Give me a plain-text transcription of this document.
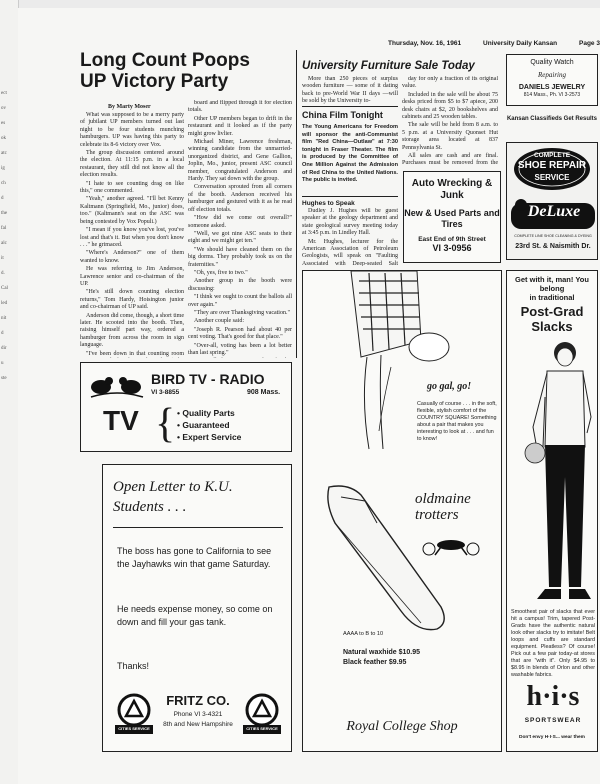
ect
ov
es
ok
atc
ig
ch
d
the
fal
alc
it
d.
Cal
led
nit
d
dir
u
ste
Thursday, Nov. 16, 1961	University Daily Kansan	Page 3
Long Count Poops
UP Victory Party
By Marty Moser

What was supposed to be a merry party of jubilant UP members turned out last night to be four students munching hamburgers. UP was having this party to celebrate its 8-6 victory over Vox.

The group discussion centered around the election. At 11:15 p.m. in a local restaurant, they still did not know all the election results.

"I hate to see counting drag on like this," one commented.

"Yeah," another agreed. "I'll bet Kenny Kaltmann (Springfield, Mo., junior) does, too." (Kaltmann's seat on the ASC was being contested by Vox Populi.)

"I mean if you know you've lost, you've lost and that's it. But when you don't know . . ." he grimaced.

"Where's Anderson?" one of them wanted to know.

He was referring to Jim Anderson, Lawrence senior and co-chairman of the UP.

"He's still down counting election returns," Tom Hardy, Hoisington junior and co-chairman of UP said.

Anderson did come, though, a short time later. He scooted into the booth. Then, raising himself part way, ordered a hamburger from across the room in sign language.

"I've been down in that counting room

board and flipped through it for election totals.

Other UP members began to drift in the restaurant and it looked as if the party might grow livlier.

Michael Miner, Lawrence freshman, winning candidate from the unmarried-unorganized district, and Gene Gallion, Joplin, Mo., junior, present ASC council member, congratulated Anderson and Hardy. They sat down with the group.

Conversation sprouted from all corners of the booth. Anderson received his hamburger and gestured with it as he read off election totals.

"How did we come out overall?" someone asked.

"Well, we got nine ASC seats to their eight and we might get ten."

"We should have cleaned them on the big dorms. They probably took us on the fraternities."

"Oh, yes, five to two."

Another group in the booth were discussing:

"I think we ought to count the ballots all over again."

"They are over Thanksgiving vacation."

Another couple said:

"Joseph R. Pearson had about 40 per cent voting. That's good for that place."

"Over-all, voting has been a lot better than last spring."

University Furniture Sale Today

More than 250 pieces of surplus wooden furniture — some of it dating back to pre-World War II days —will be sold by the University to-

day for only a fraction of its original value.

Included in the sale will be about 75 desks priced from $5 to $7 apiece, 200 desk chairs at $2, 20 bookshelves and cabinets and 25 wooden tables.

The sale will be held from 8 a.m. to 5 p.m. at a University Quonset Hut storage area located at 837 Pennsylvania St.

All sales are cash and are final. Purchases must be removed from the

China Film Tonight
The Young Americans for Freedom will sponsor the anti-Communist film "Red China—Outlaw" at 7:30 tonight in Fraser Theater. The film is produced by the Committee of One Million Against the Admission of Red China to the United Nations. The public is invited.
Hughes to Speak

Dudley J. Hughes will be guest speaker at the geology department and state geological survey meeting today at 3:45 p.m. in Lindley Hall.

Mr. Hughes, lecturer for the American Association of Petroleum Geologists, will speak on "Faulting Associated with Deep-seated Salt

Auto Wrecking & Junk
New & Used Parts and Tires
East End of 9th Street
VI 3-0956
Quality Watch
Repairing
DANIELS JEWELRY
814 Mass., Ph. VI 3-2573
Kansan Classifieds Get Results
COMPLETE
SHOE REPAIR
SERVICE
DeLuxe
COMPLETE LINE SHOE CLEANING & DYEING
23rd St. & Naismith Dr.
Get with it, man! You belong
in traditional
Post-Grad
Slacks
Smoothest pair of slacks that ever hit a campus! Trim, tapered Post-Grads have the authentic natural look other slacks try to imitate! Belt loops and cuffs are standard equipment. Pleatless? Of course! Pick out a few pair today-at stores that are "with it". Only $4.95 to $8.95 in blends of Orlon and other washable fabrics.
h·i·s
SPORTSWEAR
Don't envy H·I·S... wear them
BIRD TV - RADIO
VI 3-8855	908 Mass.
TV { • Quality Parts
• Guaranteed
• Expert Service
Open Letter to K.U. Students . . .
The boss has gone to California to see the Jayhawks win that game Saturday.
He needs expense money, so come on down and fill your gas tank.
Thanks!
CITIES SERVICE	CITIES SERVICE
FRITZ CO.
Phone VI 3-4321
8th and New Hampshire
go gal, go!
Casually of course . . . in the soft, flexible, stylish comfort of the COUNTRY SQUARE! Something about a pair that makes you interesting to look at . . . and fun to know!
oldmaine trotters
AAAA to B to 10
Natural waxhide $10.95
Black feather $9.95
Royal College Shop
